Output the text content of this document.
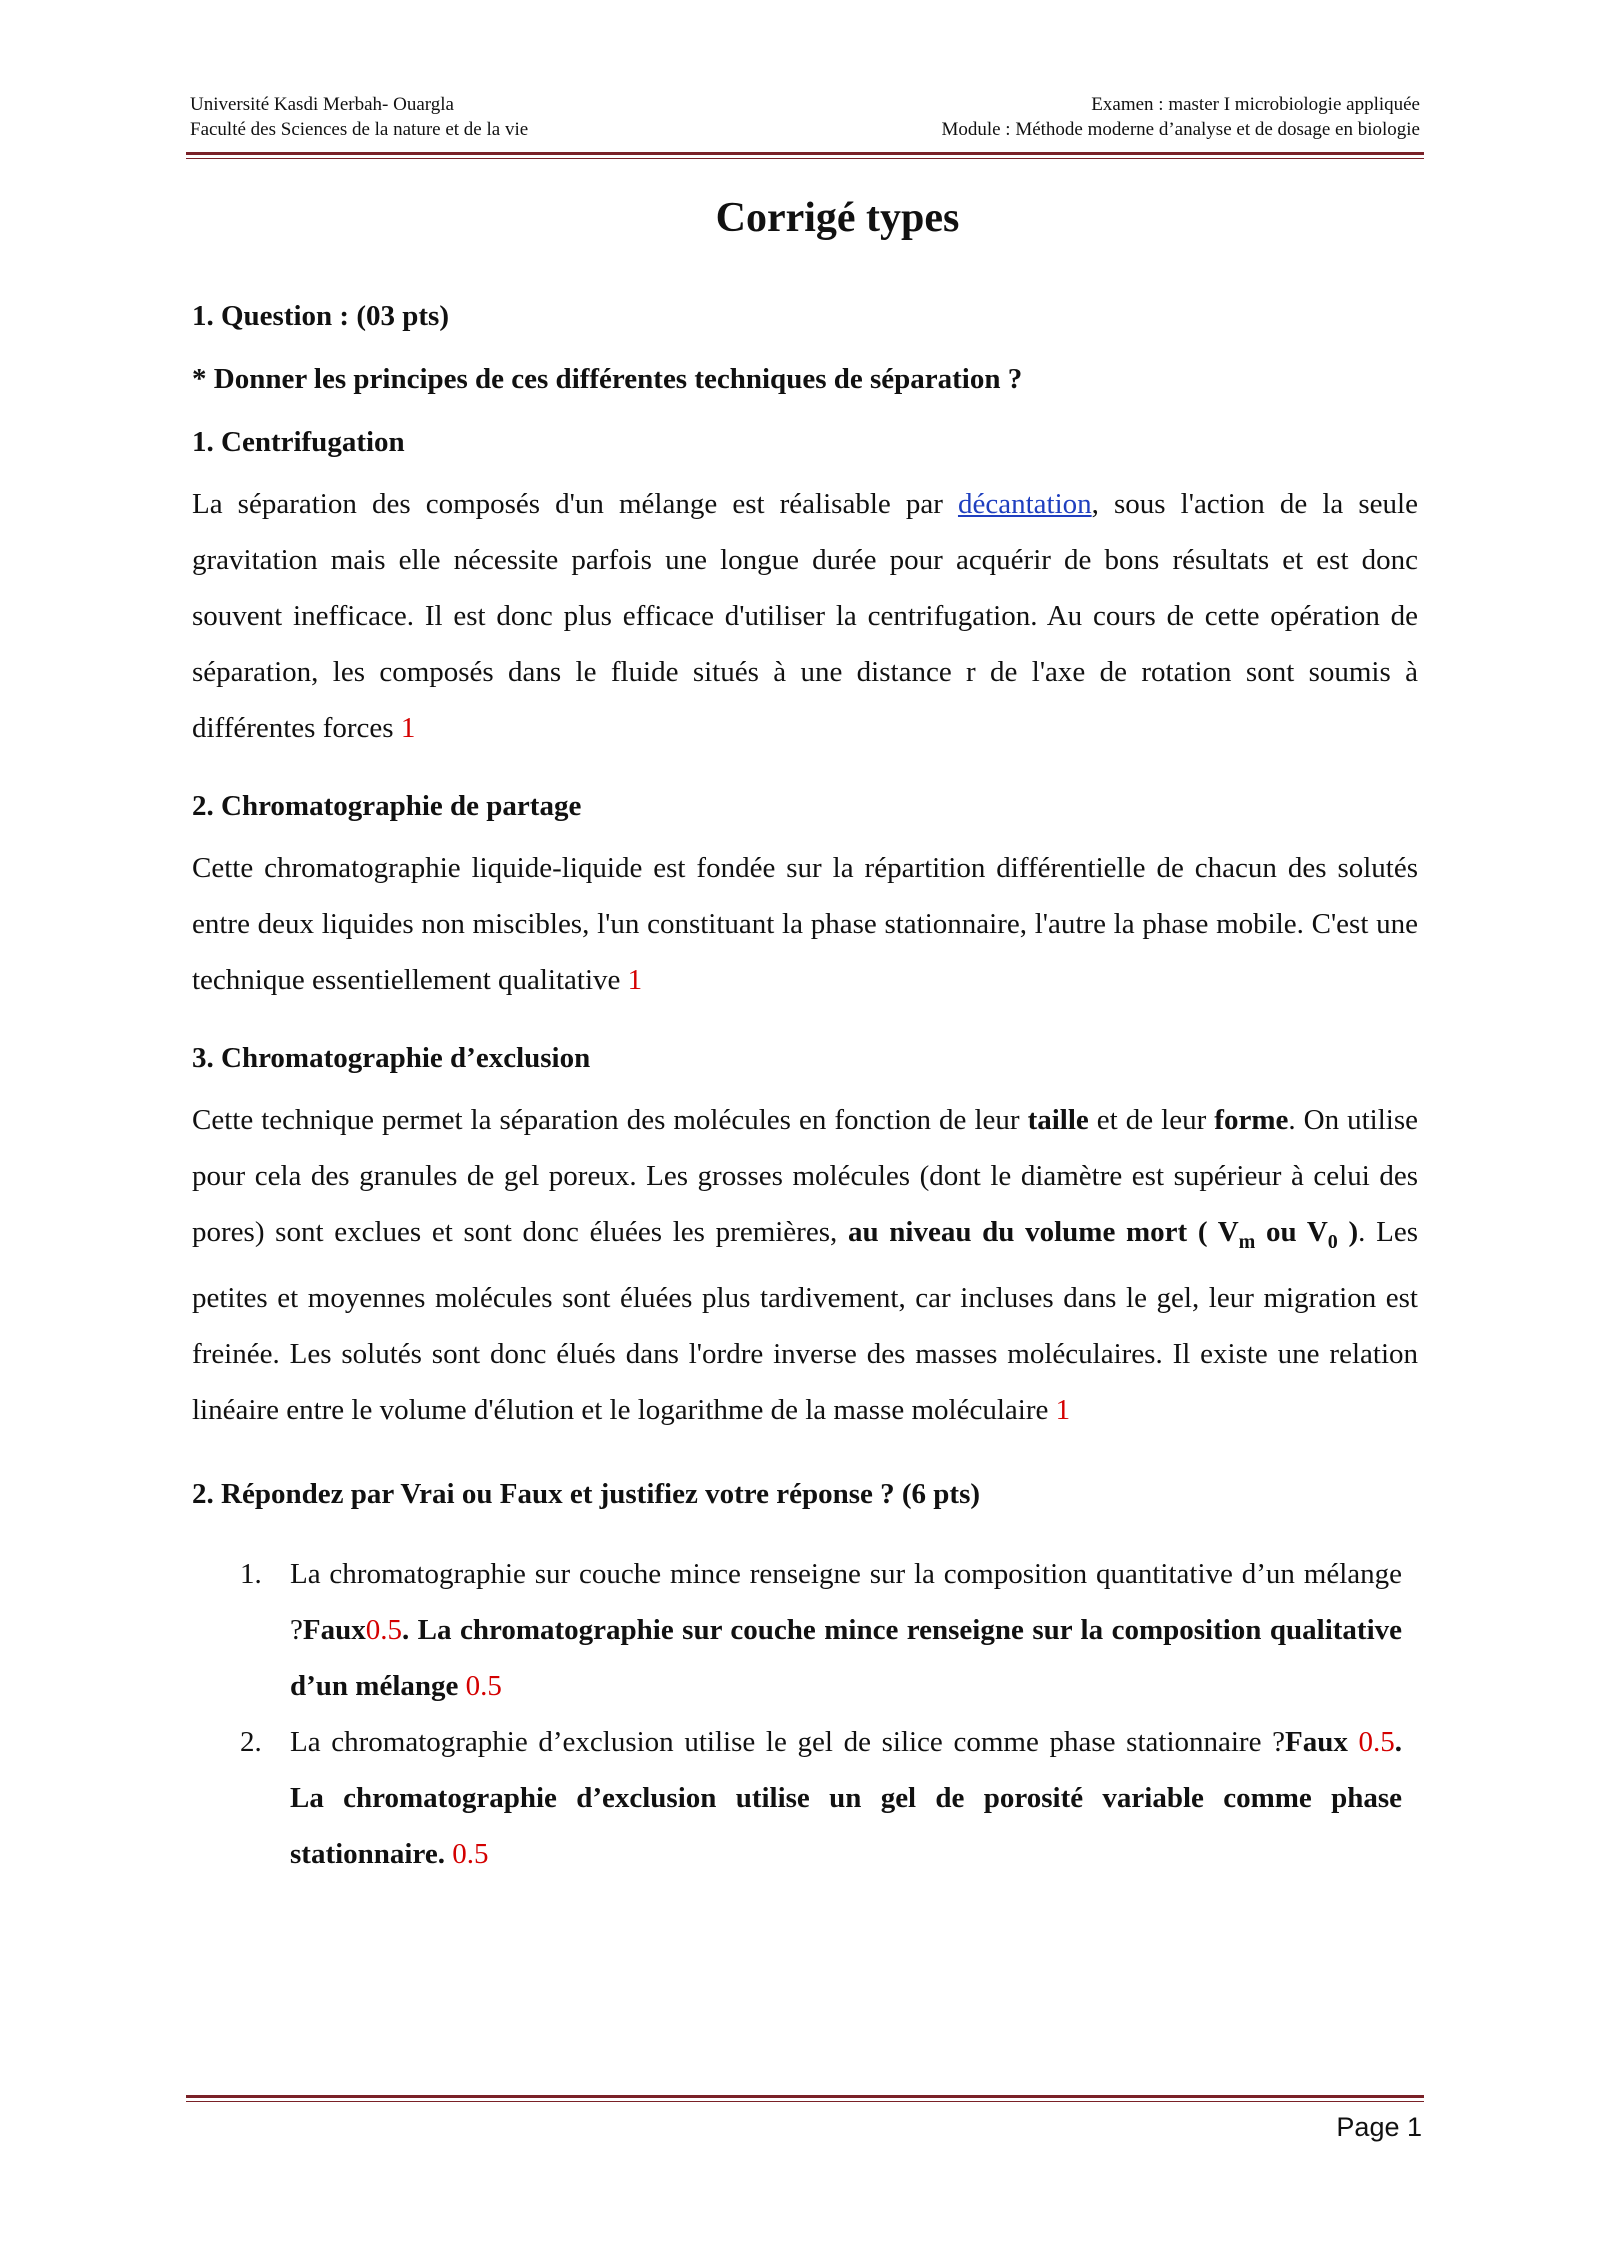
Université Kasdi Merbah- Ouargla
Faculté des Sciences de la nature et de la vie
Examen : master I microbiologie appliquée
Module : Méthode moderne d’analyse et de dosage en biologie
Corrigé types

1. Question : (03 pts)

* Donner les principes de ces différentes techniques de séparation ?

1. Centrifugation

La séparation des composés d'un mélange est réalisable par décantation, sous l'action de la seule gravitation mais elle nécessite parfois une longue durée pour acquérir de bons résultats et est donc souvent inefficace. Il est donc plus efficace d'utiliser la centrifugation. Au cours de cette opération de séparation, les composés dans le fluide situés à une distance r de l'axe de rotation sont soumis à différentes forces 1

2. Chromatographie de partage

Cette chromatographie liquide-liquide est fondée sur la répartition différentielle de chacun des solutés entre deux liquides non miscibles, l'un constituant la phase stationnaire, l'autre la phase mobile. C'est une technique essentiellement qualitative 1

3. Chromatographie d’exclusion

Cette technique permet la séparation des molécules en fonction de leur taille et de leur forme. On utilise pour cela des granules de gel poreux. Les grosses molécules (dont le diamètre est supérieur à celui des pores) sont exclues et sont donc éluées les premières, au niveau du volume mort ( $V_m$ ou $V_0$ ). Les petites et moyennes molécules sont éluées plus tardivement, car incluses dans le gel, leur migration est freinée. Les solutés sont donc élués dans l'ordre inverse des masses moléculaires. Il existe une relation linéaire entre le volume d'élution et le logarithme de la masse moléculaire 1

2. Répondez par Vrai ou Faux et justifiez votre réponse ? (6 pts)

1. La chromatographie sur couche mince renseigne sur la composition quantitative d’un mélange ?Faux0.5. La chromatographie sur couche mince renseigne sur la composition qualitative d’un mélange 0.5
2. La chromatographie d’exclusion utilise le gel de silice comme phase stationnaire ?Faux 0.5. La chromatographie d’exclusion utilise un gel de porosité variable comme phase stationnaire. 0.5
Page 1
